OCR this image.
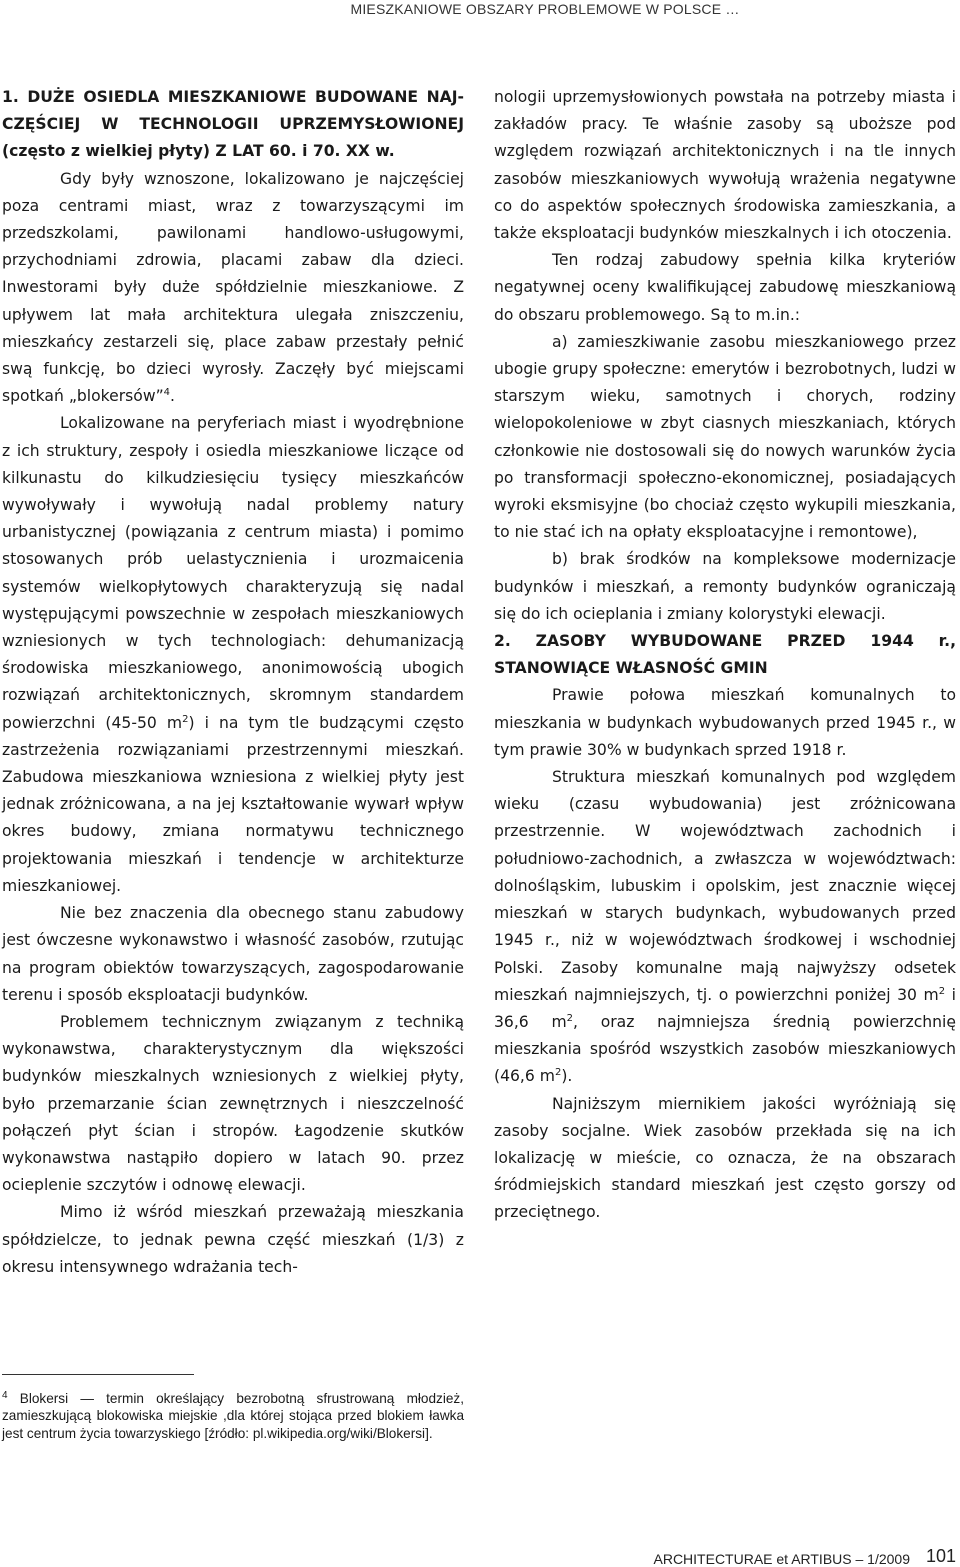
MIESZKANIOWE OBSZARY PROBLEMOWE W POLSCE …
1. DUŻE OSIEDLA MIESZKANIOWE BUDOWANE NAJ-CZĘŚCIEJ W TECHNOLOGII UPRZEMYSŁOWIONEJ (często z wielkiej płyty) Z LAT 60. i 70. XX w.

Gdy były wznoszone, lokalizowano je najczęściej poza centrami miast, wraz z towarzyszącymi im przedszkolami, pawilonami handlowo-usługowymi, przychodniami zdrowia, placami zabaw dla dzieci. Inwestorami były duże spółdzielnie mieszkaniowe. Z upływem lat mała architektura ulegała zniszczeniu, mieszkańcy zestarzeli się, place zabaw przestały pełnić swą funkcję, bo dzieci wyrosły. Zaczęły być miejscami spotkań „blokersów”$^4$.

Lokalizowane na peryferiach miast i wyodrębnione z ich struktury, zespoły i osiedla mieszkaniowe liczące od kilkunastu do kilkudziesięciu tysięcy mieszkańców wywoływały i wywołują nadal problemy natury urbanistycznej (powiązania z centrum miasta) i pomimo stosowanych prób uelastycznienia i urozmaicenia systemów wielkopłytowych charakteryzują się nadal występującymi powszechnie w zespołach mieszkaniowych wzniesionych w tych technologiach: dehumanizacją środowiska mieszkaniowego, anonimowością ubogich rozwiązań architektonicznych, skromnym standardem powierzchni (45-50 $m^2$) i na tym tle budzącymi często zastrzeżenia rozwiązaniami przestrzennymi mieszkań. Zabudowa mieszkaniowa wzniesiona z wielkiej płyty jest jednak zróżnicowana, a na jej kształtowanie wywarł wpływ okres budowy, zmiana normatywu technicznego projektowania mieszkań i tendencje w architekturze mieszkaniowej.

Nie bez znaczenia dla obecnego stanu zabudowy jest ówczesne wykonawstwo i własność zasobów, rzutując na program obiektów towarzyszących, zagospodarowanie terenu i sposób eksploatacji budynków.

Problemem technicznym związanym z techniką wykonawstwa, charakterystycznym dla większości budynków mieszkalnych wzniesionych z wielkiej płyty, było przemarzanie ścian zewnętrznych i nieszczelność połączeń płyt ścian i stropów. Łagodzenie skutków wykonawstwa nastąpiło dopiero w latach 90. przez ocieplenie szczytów i odnowę elewacji.

Mimo iż wśród mieszkań przeważają mieszkania spółdzielcze, to jednak pewna część mieszkań (1/3) z okresu intensywnego wdrażania tech-

nologii uprzemysłowionych powstała na potrzeby miasta i zakładów pracy. Te właśnie zasoby są uboższe pod względem rozwiązań architektonicznych i na tle innych zasobów mieszkaniowych wywołują wrażenia negatywne co do aspektów społecznych środowiska zamieszkania, a także eksploatacji budynków mieszkalnych i ich otoczenia.

Ten rodzaj zabudowy spełnia kilka kryteriów negatywnej oceny kwalifikującej zabudowę mieszkaniową do obszaru problemowego. Są to m.in.:

a) zamieszkiwanie zasobu mieszkaniowego przez ubogie grupy społeczne: emerytów i bezrobotnych, ludzi w starszym wieku, samotnych i chorych, rodziny wielopokoleniowe w zbyt ciasnych mieszkaniach, których członkowie nie dostosowali się do nowych warunków życia po transformacji społeczno-ekonomicznej, posiadających wyroki eksmisyjne (bo chociaż często wykupili mieszkania, to nie stać ich na opłaty eksploatacyjne i remontowe),

b) brak środków na kompleksowe modernizacje budynków i mieszkań, a remonty budynków ograniczają się do ich ocieplania i zmiany kolorystyki elewacji.

2. ZASOBY WYBUDOWANE PRZED 1944 r., STANOWIĄCE WŁASNOŚĆ GMIN

Prawie połowa mieszkań komunalnych to mieszkania w budynkach wybudowanych przed 1945 r., w tym prawie 30% w budynkach sprzed 1918 r.

Struktura mieszkań komunalnych pod względem wieku (czasu wybudowania) jest zróżnicowana przestrzennie. W województwach zachodnich i południowo-zachodnich, a zwłaszcza w województwach: dolnośląskim, lubuskim i opolskim, jest znacznie więcej mieszkań w starych budynkach, wybudowanych przed 1945 r., niż w województwach środkowej i wschodniej Polski. Zasoby komunalne mają najwyższy odsetek mieszkań najmniejszych, tj. o powierzchni poniżej 30 $m^2$ i 36,6 $m^2$, oraz najmniejsza średnią powierzchnię mieszkania spośród wszystkich zasobów mieszkaniowych (46,6 $m^2$).

Najniższym miernikiem jakości wyróżniają się zasoby socjalne. Wiek zasobów przekłada się na ich lokalizację w mieście, co oznacza, że na obszarach śródmiejskich standard mieszkań jest często gorszy od przeciętnego.

$^4$ Blokersi — termin określający bezrobotną sfrustrowaną młodzież, zamieszkującą blokowiska miejskie ,dla której stojąca przed blokiem ławka jest centrum życia towarzyskiego [źródło: pl.wikipedia.org/wiki/Blokersi].
ARCHITECTURAE et ARTIBUS – 1/2009 101
